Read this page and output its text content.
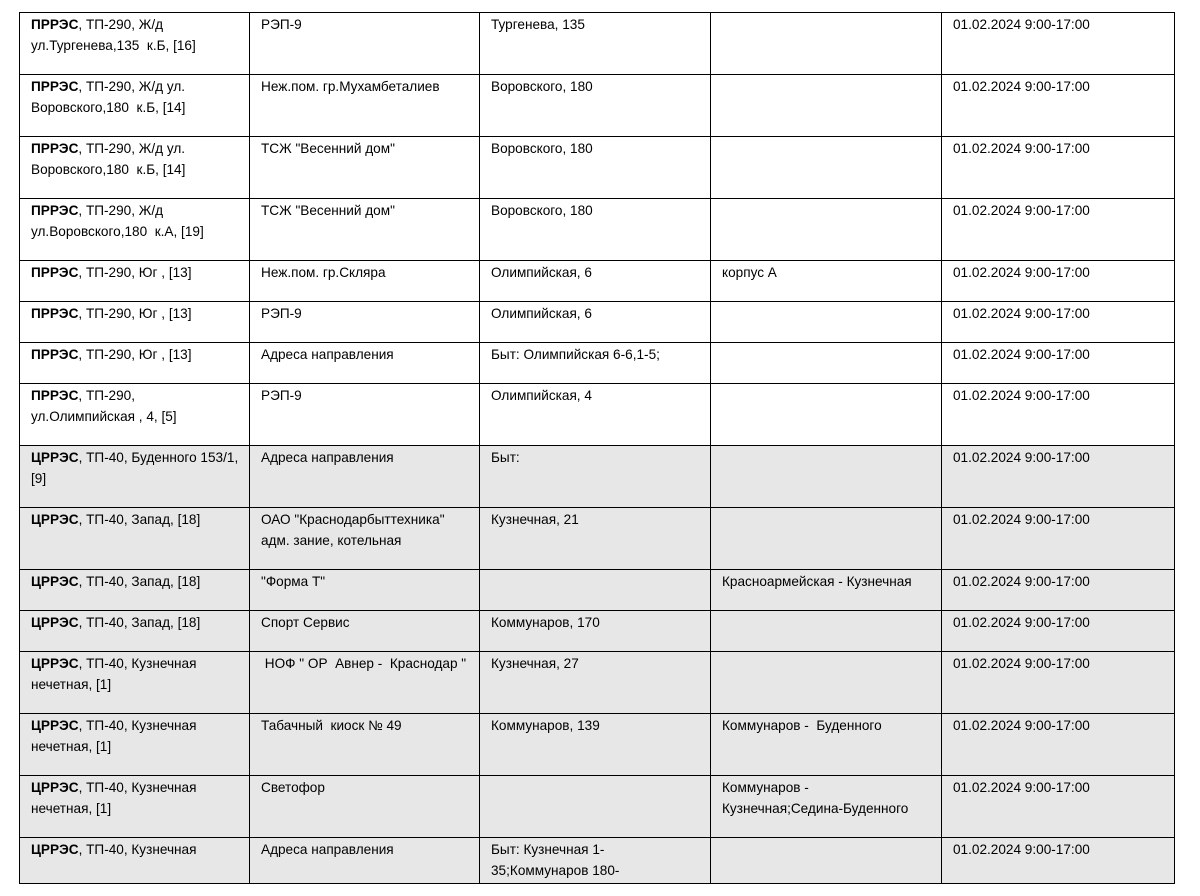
ПРРЭС, ТП-290, Ж/д ул.Тургенева,135  к.Б, [16]	РЭП-9	Тургенева, 135		01.02.2024 9:00-17:00
ПРРЭС, ТП-290, Ж/д ул. Воровского,180  к.Б, [14]	Неж.пом. гр.Мухамбеталиев	Воровского, 180		01.02.2024 9:00-17:00
ПРРЭС, ТП-290, Ж/д ул. Воровского,180  к.Б, [14]	ТСЖ "Весенний дом"	Воровского, 180		01.02.2024 9:00-17:00
ПРРЭС, ТП-290, Ж/д ул.Воровского,180  к.А, [19]	ТСЖ "Весенний дом"	Воровского, 180		01.02.2024 9:00-17:00
ПРРЭС, ТП-290, Юг , [13]	Неж.пом. гр.Скляра	Олимпийская, 6	корпус А	01.02.2024 9:00-17:00
ПРРЭС, ТП-290, Юг , [13]	РЭП-9	Олимпийская, 6		01.02.2024 9:00-17:00
ПРРЭС, ТП-290, Юг , [13]	Адреса направления	Быт: Олимпийская 6-6,1-5;		01.02.2024 9:00-17:00
ПРРЭС, ТП-290, ул.Олимпийская , 4, [5]	РЭП-9	Олимпийская, 4		01.02.2024 9:00-17:00
ЦРРЭС, ТП-40, Буденного 153/1, [9]	Адреса направления	Быт:		01.02.2024 9:00-17:00
ЦРРЭС, ТП-40, Запад, [18]	ОАО "Краснодарбыттехника" адм. зание, котельная	Кузнечная, 21		01.02.2024 9:00-17:00
ЦРРЭС, ТП-40, Запад, [18]	"Форма Т"		Красноармейская - Кузнечная	01.02.2024 9:00-17:00
ЦРРЭС, ТП-40, Запад, [18]	Спорт Сервис	Коммунаров, 170		01.02.2024 9:00-17:00
ЦРРЭС, ТП-40, Кузнечная нечетная, [1]	НОФ " ОР  Авнер -  Краснодар "	Кузнечная, 27		01.02.2024 9:00-17:00
ЦРРЭС, ТП-40, Кузнечная нечетная, [1]	Табачный  киоск № 49	Коммунаров, 139	Коммунаров -  Буденного	01.02.2024 9:00-17:00
ЦРРЭС, ТП-40, Кузнечная нечетная, [1]	Светофор		Коммунаров - Кузнечная;Седина-Буденного	01.02.2024 9:00-17:00
ЦРРЭС, ТП-40, Кузнечная	Адреса направления	Быт: Кузнечная 1-35;Коммунаров 180-		01.02.2024 9:00-17:00
